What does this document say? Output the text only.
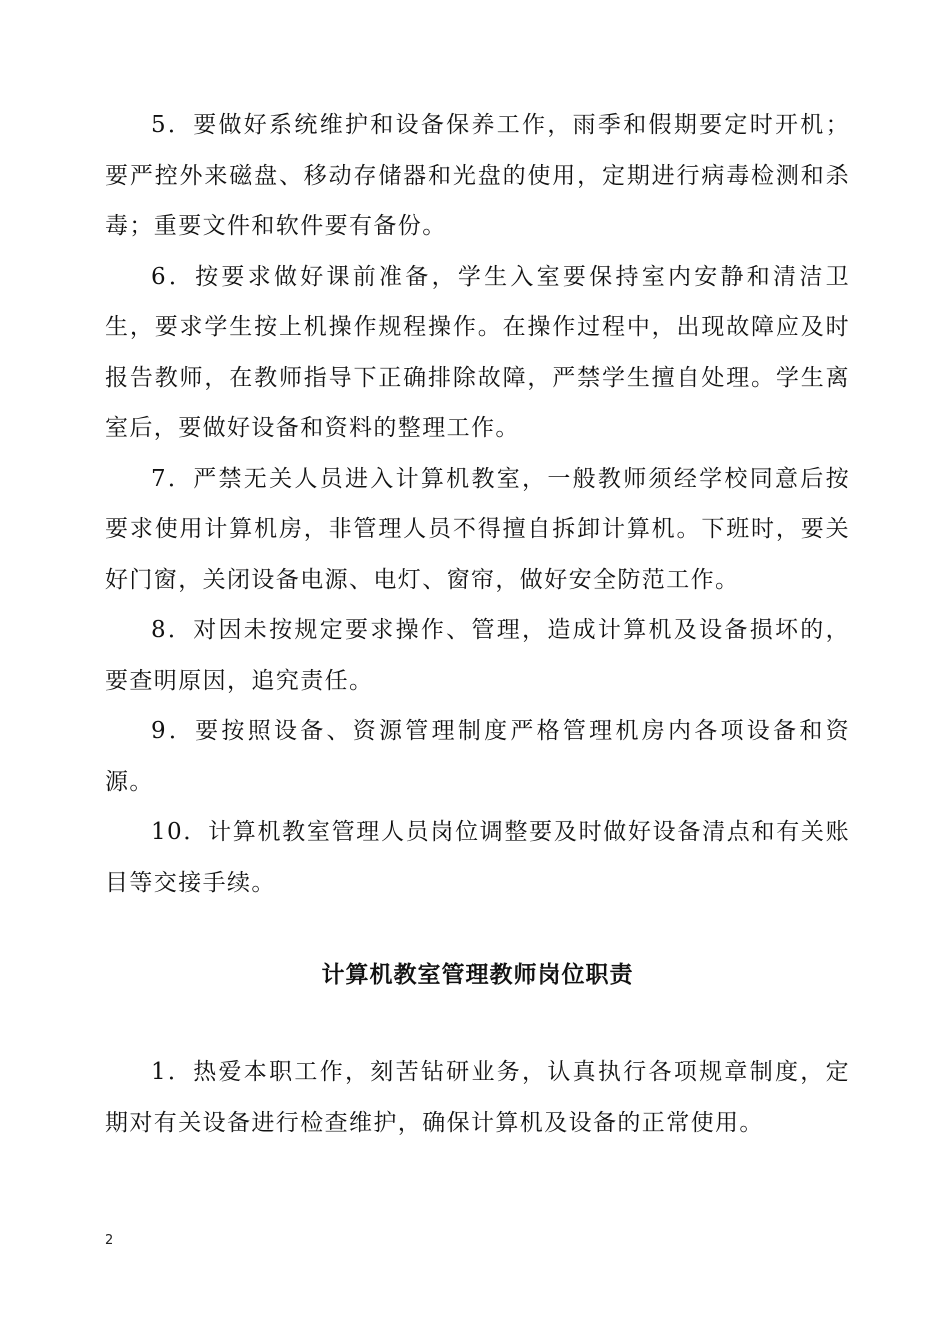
5．要做好系统维护和设备保养工作，雨季和假期要定时开机；要严控外来磁盘、移动存储器和光盘的使用，定期进行病毒检测和杀毒；重要文件和软件要有备份。

6．按要求做好课前准备，学生入室要保持室内安静和清洁卫生，要求学生按上机操作规程操作。在操作过程中，出现故障应及时报告教师，在教师指导下正确排除故障，严禁学生擅自处理。学生离室后，要做好设备和资料的整理工作。

7．严禁无关人员进入计算机教室，一般教师须经学校同意后按要求使用计算机房，非管理人员不得擅自拆卸计算机。下班时，要关好门窗，关闭设备电源、电灯、窗帘，做好安全防范工作。

8．对因未按规定要求操作、管理，造成计算机及设备损坏的，要查明原因，追究责任。

9．要按照设备、资源管理制度严格管理机房内各项设备和资源。

10．计算机教室管理人员岗位调整要及时做好设备清点和有关账目等交接手续。

计算机教室管理教师岗位职责

1．热爱本职工作，刻苦钻研业务，认真执行各项规章制度，定期对有关设备进行检查维护，确保计算机及设备的正常使用。

2
